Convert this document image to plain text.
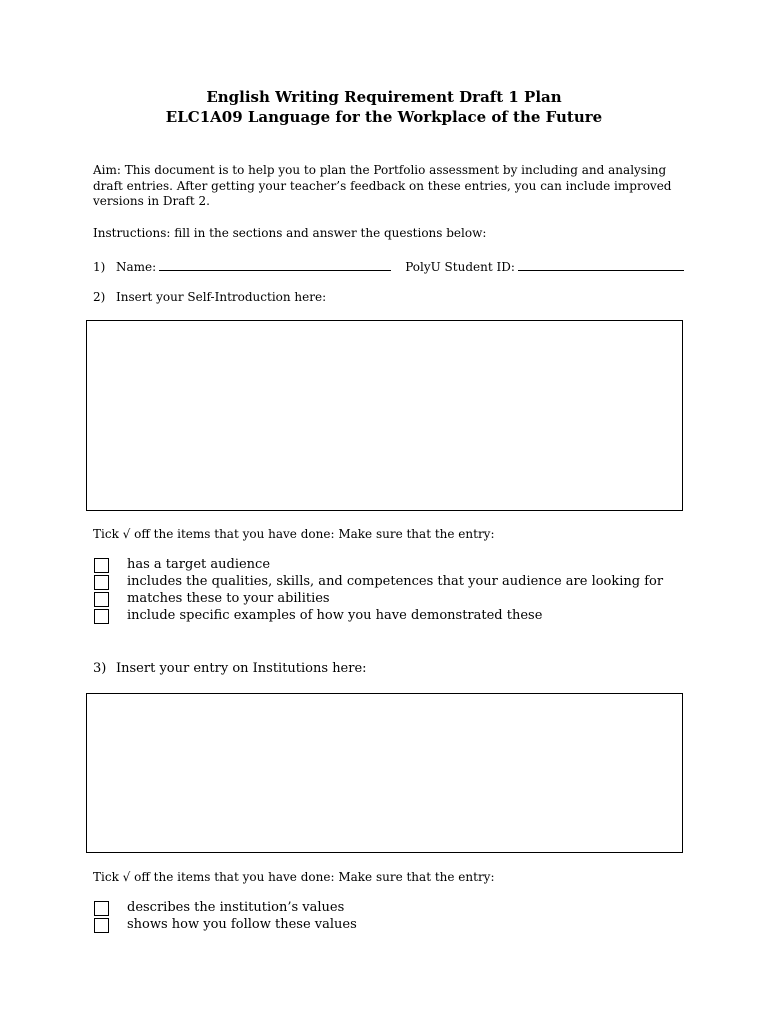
English Writing Requirement Draft 1 Plan
ELC1A09 Language for the Workplace of the Future
Aim: This document is to help you to plan the Portfolio assessment by including and analysing draft entries. After getting your teacher’s feedback on these entries, you can include improved versions in Draft 2.
Instructions: fill in the sections and answer the questions below:
1) Name:	PolyU Student ID:
2) Insert your Self-Introduction here:
Tick √ off the items that you have done: Make sure that the entry:
has a target audience
includes the qualities, skills, and competences that your audience are looking for
matches these to your abilities
include specific examples of how you have demonstrated these
3) Insert your entry on Institutions here:
Tick √ off the items that you have done: Make sure that the entry:
describes the institution’s values
shows how you follow these values
